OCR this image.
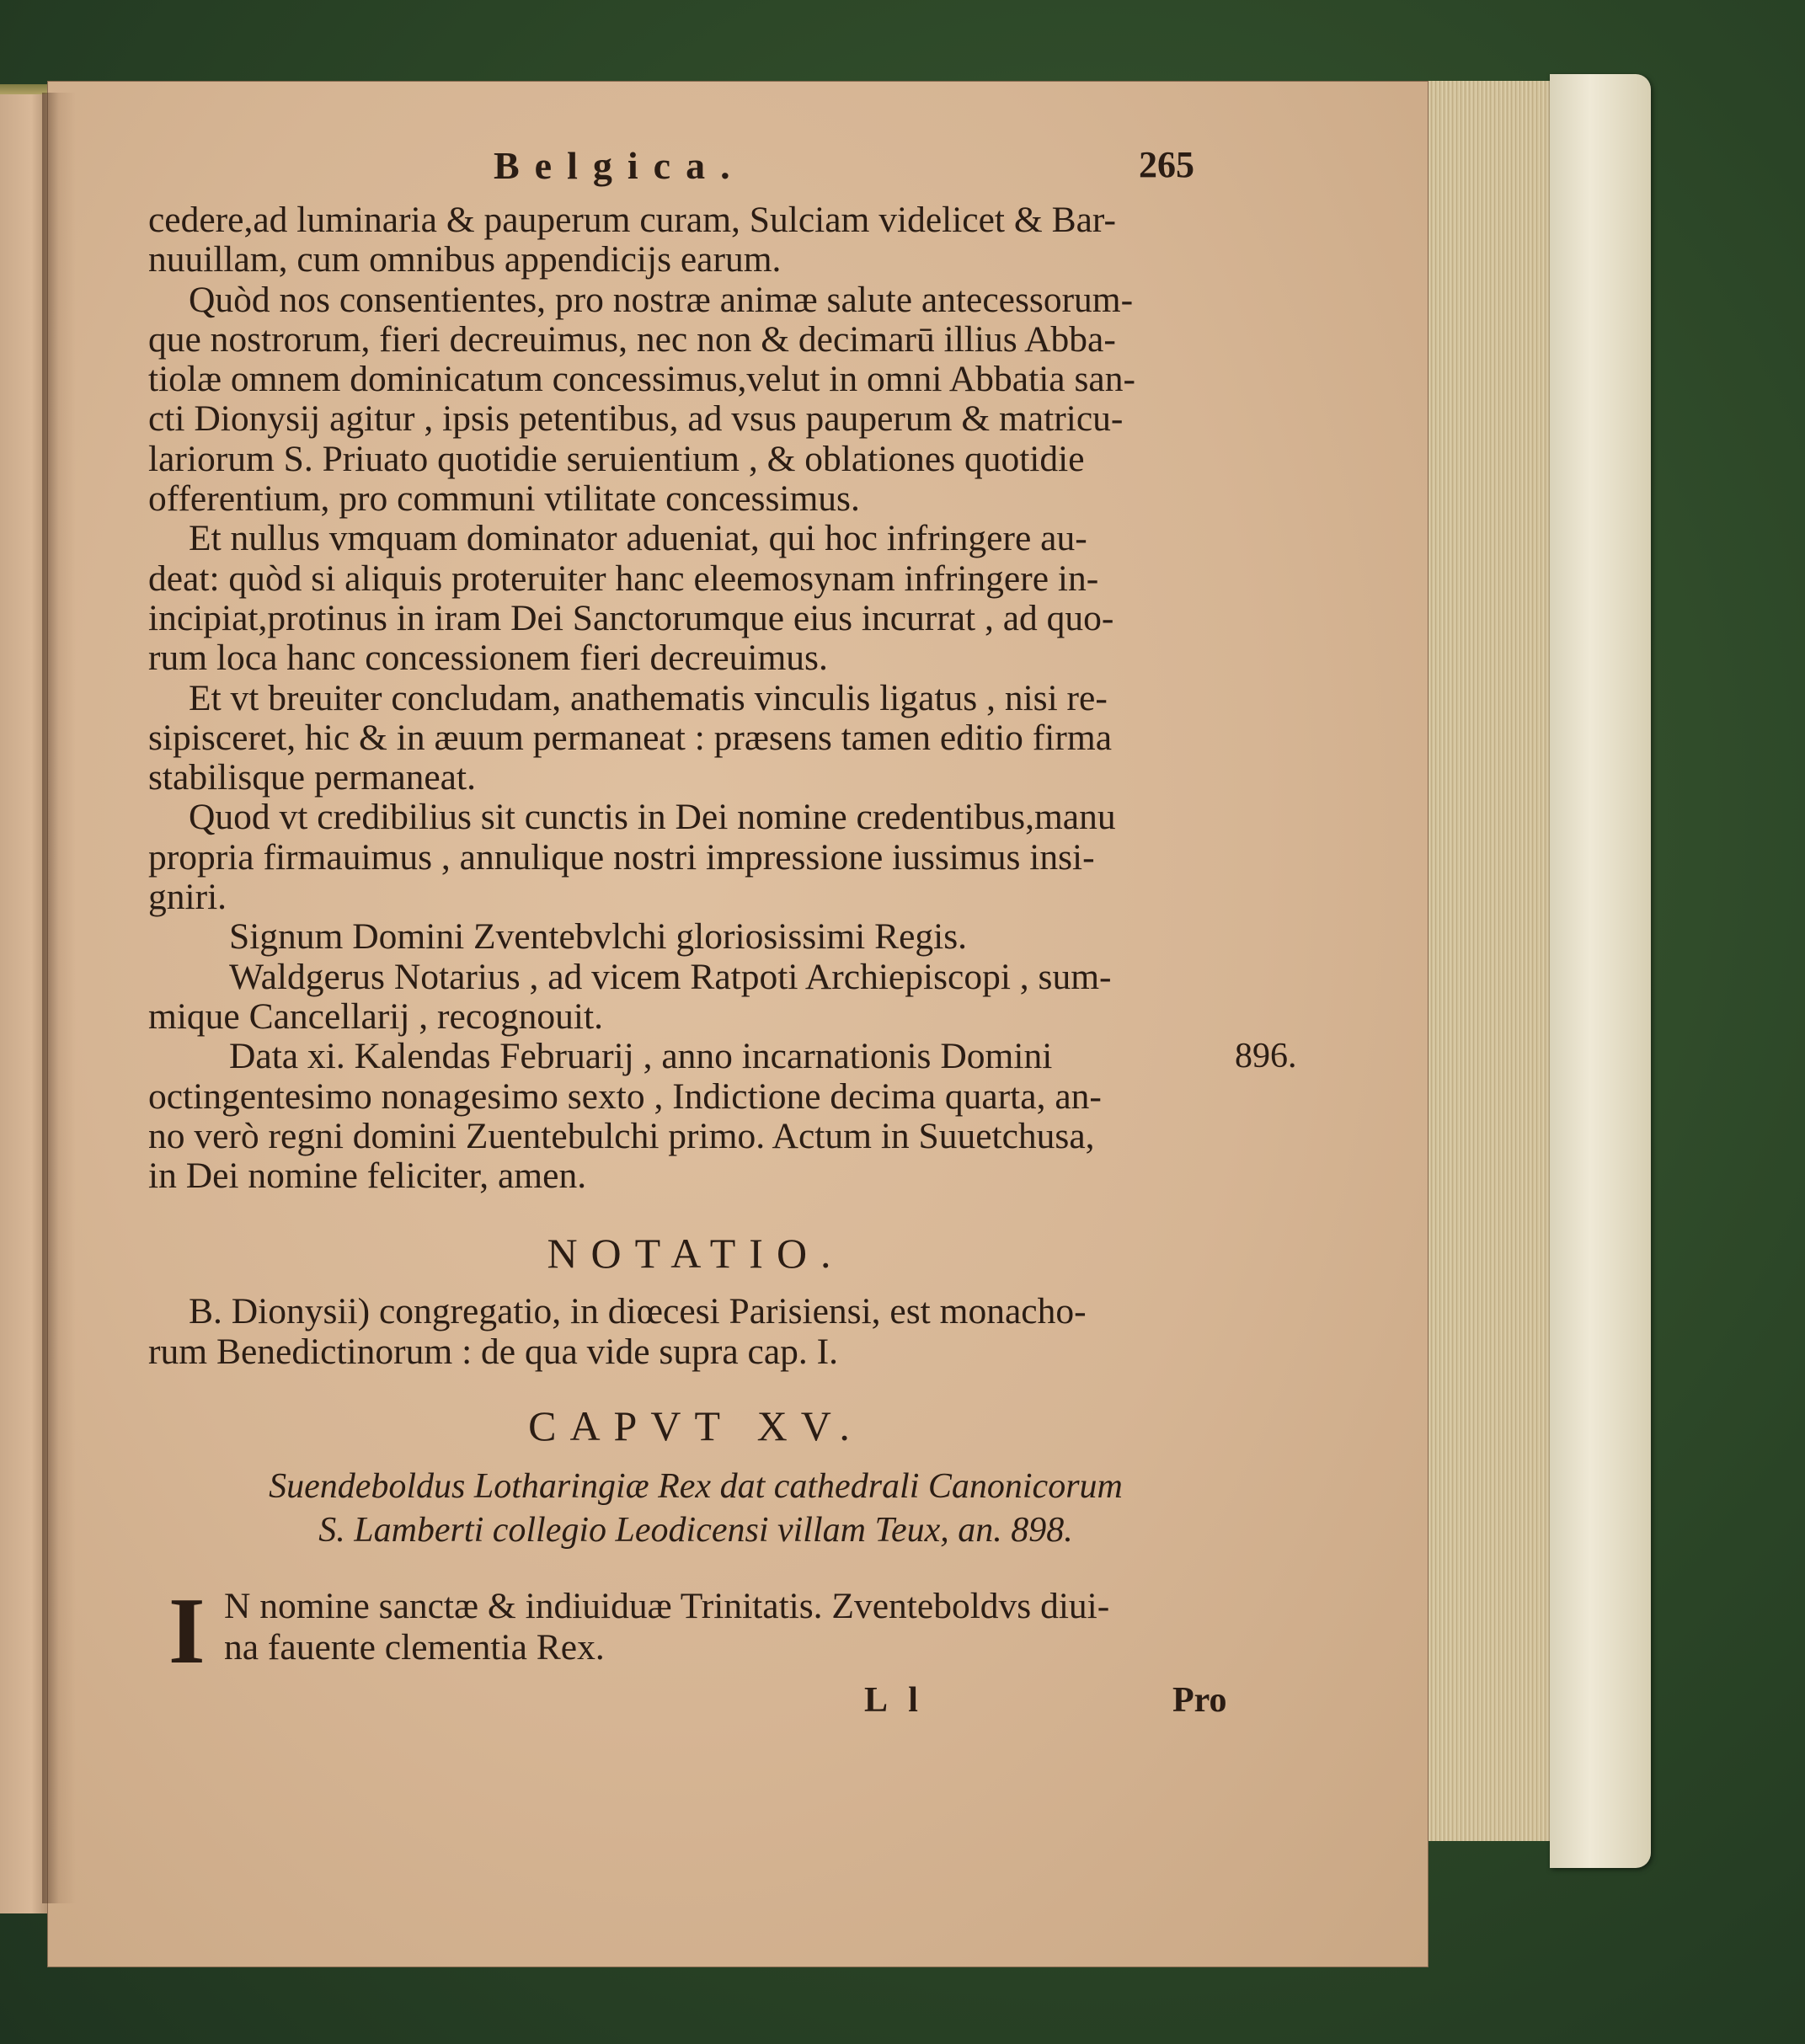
Belgica.	265
cedere,ad luminaria & pauperum curam, Sulciam videlicet & Bar-
nuuillam, cum omnibus appendicijs earum.
Quòd nos consentientes, pro nostræ animæ salute antecessorum-
que nostrorum, fieri decreuimus, nec non & decimarū illius Abba-
tiolæ omnem dominicatum concessimus,velut in omni Abbatia san-
cti Dionysij agitur , ipsis petentibus, ad vsus pauperum & matricu-
lariorum S. Priuato quotidie seruientium , & oblationes quotidie
offerentium, pro communi vtilitate concessimus.
Et nullus vmquam dominator adueniat, qui hoc infringere au-
deat: quòd si aliquis proteruiter hanc eleemosynam infringere in-
incipiat,protinus in iram Dei Sanctorumque eius incurrat , ad quo-
rum loca hanc concessionem fieri decreuimus.
Et vt breuiter concludam, anathematis vinculis ligatus , nisi re-
sipisceret, hic & in æuum permaneat : præsens tamen editio firma
stabilisque permaneat.
Quod vt credibilius sit cunctis in Dei nomine credentibus,manu
propria firmauimus , annulique nostri impressione iussimus insi-
gniri.
Signum Domini Zventebvlchi gloriosissimi Regis.
Waldgerus Notarius , ad vicem Ratpoti Archiepiscopi , sum-
mique Cancellarij , recognouit.
Data xi. Kalendas Februarij , anno incarnationis Domini	896.
octingentesimo nonagesimo sexto , Indictione decima quarta, an-
no verò regni domini Zuentebulchi primo. Actum in Suuetchusa,
in Dei nomine feliciter, amen.
NOTATIO.
B. Dionysii) congregatio, in diœcesi Parisiensi, est monacho-
rum Benedictinorum : de qua vide supra cap. I.
CAPVT XV.
Suendeboldus Lotharingiæ Rex dat cathedrali Canonicorum
S. Lamberti collegio Leodicensi villam Teux, an. 898.
I N nomine sanctæ & indiuiduæ Trinitatis. Zventeboldvs diui-
na fauente clementia Rex.
L l	Pro
